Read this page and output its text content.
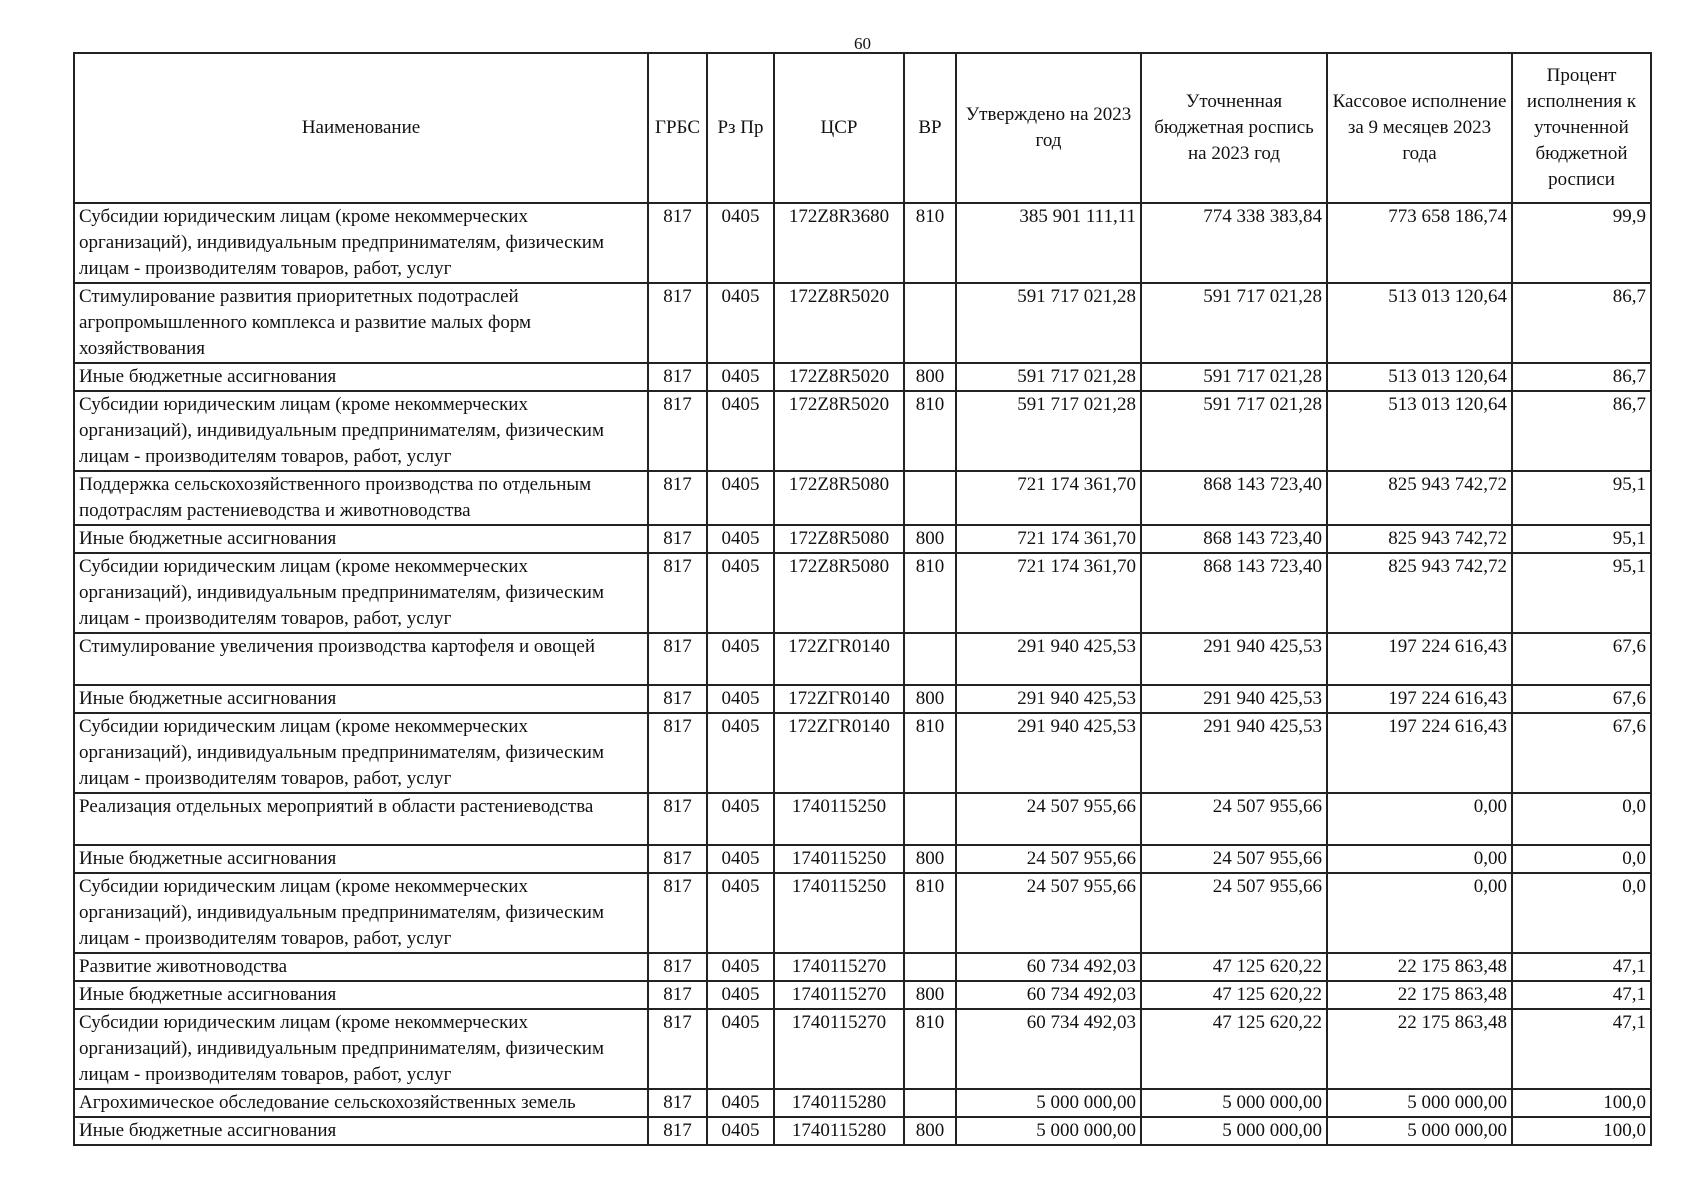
60
Наименование	ГРБС	Рз Пр	ЦСР	ВР	Утверждено на 2023 год	Уточненная бюджетная роспись на 2023 год	Кассовое исполнение за 9 месяцев 2023 года	Процент исполнения к уточненной бюджетной росписи
Субсидии юридическим лицам (кроме некоммерческих организаций), индивидуальным предпринимателям, физическим лицам - производителям товаров, работ, услуг	817	0405	172Z8R3680	810	385 901 111,11	774 338 383,84	773 658 186,74	99,9
Стимулирование развития приоритетных подотраслей агропромышленного комплекса и развитие малых форм хозяйствования	817	0405	172Z8R5020		591 717 021,28	591 717 021,28	513 013 120,64	86,7
Иные бюджетные ассигнования	817	0405	172Z8R5020	800	591 717 021,28	591 717 021,28	513 013 120,64	86,7
Субсидии юридическим лицам (кроме некоммерческих организаций), индивидуальным предпринимателям, физическим лицам - производителям товаров, работ, услуг	817	0405	172Z8R5020	810	591 717 021,28	591 717 021,28	513 013 120,64	86,7
Поддержка сельскохозяйственного производства по отдельным подотраслям растениеводства и животноводства	817	0405	172Z8R5080		721 174 361,70	868 143 723,40	825 943 742,72	95,1
Иные бюджетные ассигнования	817	0405	172Z8R5080	800	721 174 361,70	868 143 723,40	825 943 742,72	95,1
Субсидии юридическим лицам (кроме некоммерческих организаций), индивидуальным предпринимателям, физическим лицам - производителям товаров, работ, услуг	817	0405	172Z8R5080	810	721 174 361,70	868 143 723,40	825 943 742,72	95,1
Стимулирование увеличения производства картофеля и овощей	817	0405	172ZГR0140		291 940 425,53	291 940 425,53	197 224 616,43	67,6
Иные бюджетные ассигнования	817	0405	172ZГR0140	800	291 940 425,53	291 940 425,53	197 224 616,43	67,6
Субсидии юридическим лицам (кроме некоммерческих организаций), индивидуальным предпринимателям, физическим лицам - производителям товаров, работ, услуг	817	0405	172ZГR0140	810	291 940 425,53	291 940 425,53	197 224 616,43	67,6
Реализация отдельных мероприятий в области растениеводства	817	0405	1740115250		24 507 955,66	24 507 955,66	0,00	0,0
Иные бюджетные ассигнования	817	0405	1740115250	800	24 507 955,66	24 507 955,66	0,00	0,0
Субсидии юридическим лицам (кроме некоммерческих организаций), индивидуальным предпринимателям, физическим лицам - производителям товаров, работ, услуг	817	0405	1740115250	810	24 507 955,66	24 507 955,66	0,00	0,0
Развитие животноводства	817	0405	1740115270		60 734 492,03	47 125 620,22	22 175 863,48	47,1
Иные бюджетные ассигнования	817	0405	1740115270	800	60 734 492,03	47 125 620,22	22 175 863,48	47,1
Субсидии юридическим лицам (кроме некоммерческих организаций), индивидуальным предпринимателям, физическим лицам - производителям товаров, работ, услуг	817	0405	1740115270	810	60 734 492,03	47 125 620,22	22 175 863,48	47,1
Агрохимическое обследование сельскохозяйственных земель	817	0405	1740115280		5 000 000,00	5 000 000,00	5 000 000,00	100,0
Иные бюджетные ассигнования	817	0405	1740115280	800	5 000 000,00	5 000 000,00	5 000 000,00	100,0
